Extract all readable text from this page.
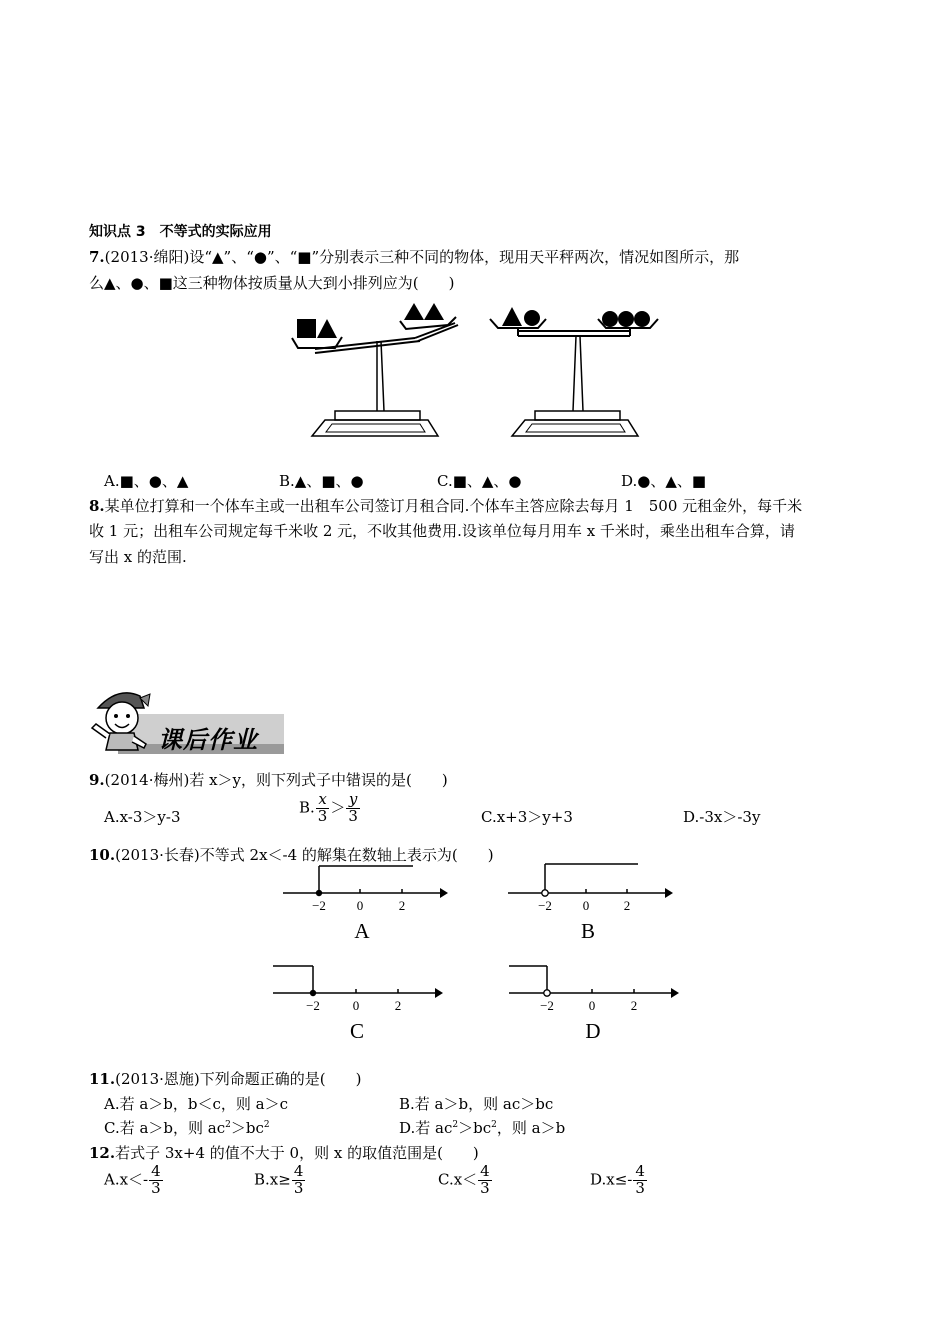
知识点 3　不等式的实际应用
7.(2013·绵阳)设“▲”、“●”、“■”分别表示三种不同的物体，现用天平秤两次，情况如图所示，那
么▲、●、■这三种物体按质量从大到小排列应为(　　)
A.■、●、▲	B.▲、■、●	C.■、▲、●	D.●、▲、■
8.某单位打算和一个体车主或一出租车公司签订月租合同.个体车主答应除去每月 1　500 元租金外，每千米
收 1 元；出租车公司规定每千米收 2 元，不收其他费用.设该单位每月用车 x 千米时，乘坐出租车合算，请
写出 x 的范围.
课后作业
9.(2014·梅州)若 x＞y，则下列式子中错误的是(　　)
A.x-3＞y-3
B. $\frac{x}{3} > \frac{y}{3}$	C.x+3＞y+3	D.-3x＞-3y
10.(2013·长春)不等式 2x＜-4 的解集在数轴上表示为(　　)
−2 0	2
A
−2 0	2
B
−2	0	2
C
−2	0	2
D
11.(2013·恩施)下列命题正确的是(　　)
A.若 a＞b，b＜c，则 a＞c	B.若 a＞b，则 ac＞bc
C.若 a＞b，则 $ac^2>bc^2$	D.若 $ac^2>bc^2$，则 a＞b
12.若式子 3x+4 的值不大于 0，则 x 的取值范围是(　　)
$A.x<- \frac{4}{3}$	$B.x\ge \frac{4}{3}$	$C.x< \frac{4}{3}$	$D.x\le- \frac{4}{3}$
